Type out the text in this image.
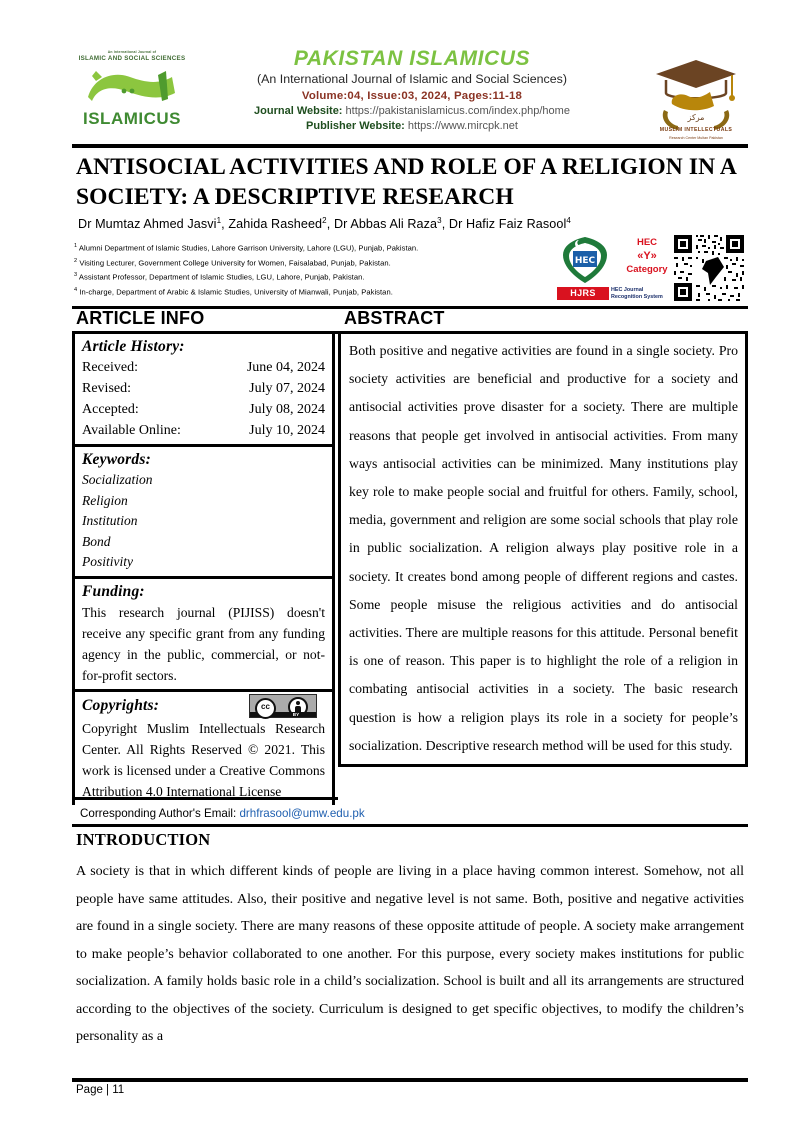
An International Journal of
ISLAMIC AND SOCIAL SCIENCES
ISLAMICUS
PAKISTAN ISLAMICUS
(An International Journal of Islamic and Social Sciences)
Volume:04, Issue:03, 2024, Pages:11-18
Journal Website: https://pakistanislamicus.com/index.php/home
Publisher Website: https://www.mircpk.net
مركز
MUSLIM INTELLECTUALS
Research Center Multan Pakistan
ANTISOCIAL ACTIVITIES AND ROLE OF A RELIGION IN A SOCIETY: A DESCRIPTIVE RESEARCH
Dr Mumtaz Ahmed Jasvi$^1$, Zahida Rasheed$^2$, Dr Abbas Ali Raza$^3$, Dr Hafiz Faiz Rasool$^4$
$^1$ Alumni Department of Islamic Studies, Lahore Garrison University, Lahore (LGU), Punjab, Pakistan.
$^2$ Visiting Lecturer, Government College University for Women, Faisalabad, Punjab, Pakistan.
$^3$ Assistant Professor, Department of Islamic Studies, LGU, Lahore, Punjab, Pakistan.
$^4$ In-charge, Department of Arabic & Islamic Studies, University of Mianwali, Punjab, Pakistan.
HEC
HJRS
HEC
«Y»
Category
HEC Journal
Recognition System
ARTICLE INFO	ABSTRACT
Article History:
Received:	June 04, 2024
Revised:	July 07, 2024
Accepted:	July 08, 2024
Available Online:	July 10, 2024
Keywords:
Socialization
Religion
Institution
Bond
Positivity
Funding:
This research journal (PIJISS) doesn't receive any specific grant from any funding agency in the public, commercial, or not-for-profit sectors.
Copyrights:	cc
BY
Copyright Muslim Intellectuals Research Center. All Rights Reserved © 2021. This work is licensed under a Creative Commons Attribution 4.0 International License
Both positive and negative activities are found in a single society. Pro society activities are beneficial and productive for a society and antisocial activities prove disaster for a society. There are multiple reasons that people get involved in antisocial activities. From many ways antisocial activities can be minimized. Many institutions play key role to make people social and fruitful for others. Family, school, media, government and religion are some social schools that play role in public socialization. A religion always play positive role in a society. It creates bond among people of different regions and castes. Some people misuse the religious activities and do antisocial activities. There are multiple reasons for this attitude. Personal benefit is one of reason. This paper is to highlight the role of a religion in combating antisocial activities in a society. The basic research question is how a religion plays its role in a society for people’s socialization. Descriptive research method will be used for this study.
Corresponding Author's Email: drhfrasool@umw.edu.pk
INTRODUCTION
A society is that in which different kinds of people are living in a place having common interest. Somehow, not all people have same attitudes. Also, their positive and negative level is not same. Both, positive and negative activities are found in a single society. There are many reasons of these opposite attitude of people. A society make arrangement to make people’s behavior collaborated to one another. For this purpose, every society makes institutions for public socialization. A family holds basic role in a child’s socialization. School is built and all its arrangements are structured according to the objectives of the society. Curriculum is designed to get specific objectives, to modify the children’s personality as a
Page | 11
